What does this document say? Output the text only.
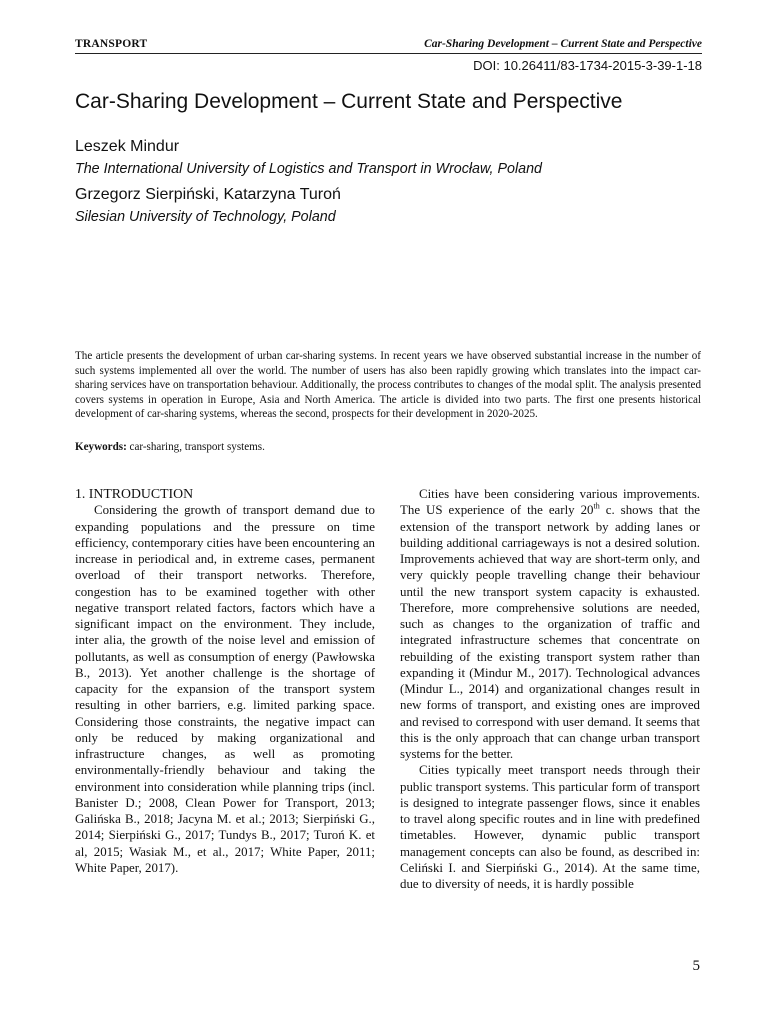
TRANSPORT	Car-Sharing Development – Current State and Perspective
DOI: 10.26411/83-1734-2015-3-39-1-18
Car-Sharing Development – Current State and Perspective
Leszek Mindur
The International University of Logistics and Transport in Wrocław, Poland
Grzegorz Sierpiński, Katarzyna Turoń
Silesian University of Technology, Poland

The article presents the development of urban car-sharing systems. In recent years we have observed substantial increase in the number of such systems implemented all over the world. The number of users has also been rapidly growing which translates into the impact car-sharing services have on transportation behaviour. Additionally, the process contributes to changes of the modal split. The analysis presented covers systems in operation in Europe, Asia and North America. The article is divided into two parts. The first one presents historical development of car-sharing systems, whereas the second, prospects for their development in 2020-2025.

Keywords: car-sharing, transport systems.

1. INTRODUCTION

Considering the growth of transport demand due to expanding populations and the pressure on time efficiency, contemporary cities have been encountering an increase in periodical and, in extreme cases, permanent overload of their transport networks. Therefore, congestion has to be examined together with other negative transport related factors, factors which have a significant impact on the environment. They include, inter alia, the growth of the noise level and emission of pollutants, as well as consumption of energy (Pawłowska B., 2013). Yet another challenge is the shortage of capacity for the expansion of the transport system resulting in other barriers, e.g. limited parking space. Considering those constraints, the negative impact can only be reduced by making organizational and infrastructure changes, as well as promoting environmentally-friendly behaviour and taking the environment into consideration while planning trips (incl. Banister D.; 2008, Clean Power for Transport, 2013; Galińska B., 2018; Jacyna M. et al.; 2013; Sierpiński G., 2014; Sierpiński G., 2017; Tundys B., 2017; Turoń K. et al, 2015; Wasiak M., et al., 2017; White Paper, 2011; White Paper, 2017).

Cities have been considering various improvements. The US experience of the early 20th c. shows that the extension of the transport network by adding lanes or building additional carriageways is not a desired solution. Improvements achieved that way are short-term only, and very quickly people travelling change their behaviour until the new transport system capacity is exhausted. Therefore, more comprehensive solutions are needed, such as changes to the organization of traffic and integrated infrastructure schemes that concentrate on rebuilding of the existing transport system rather than expanding it (Mindur M., 2017). Technological advances (Mindur L., 2014) and organizational changes result in new forms of transport, and existing ones are improved and revised to correspond with user demand. It seems that this is the only approach that can change urban transport systems for the better.

Cities typically meet transport needs through their public transport systems. This particular form of transport is designed to integrate passenger flows, since it enables to travel along specific routes and in line with predefined timetables. However, dynamic public transport management concepts can also be found, as described in: Celiński I. and Sierpiński G., 2014). At the same time, due to diversity of needs, it is hardly possible

5
